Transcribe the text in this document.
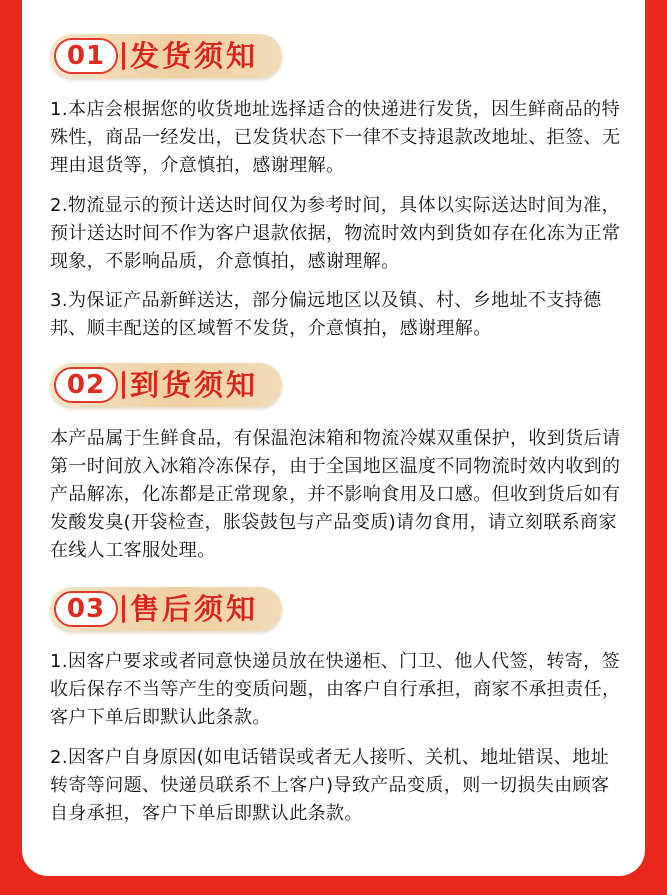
01 发货须知

1.本店会根据您的收货地址选择适合的快递进行发货，因生鲜商品的特殊性，商品一经发出，已发货状态下一律不支持退款改地址、拒签、无理由退货等，介意慎拍，感谢理解。

2.物流显示的预计送达时间仅为参考时间，具体以实际送达时间为准，预计送达时间不作为客户退款依据，物流时效内到货如存在化冻为正常现象，不影响品质，介意慎拍，感谢理解。

3.为保证产品新鲜送达，部分偏远地区以及镇、村、乡地址不支持德邦、顺丰配送的区域暂不发货，介意慎拍，感谢理解。

02 到货须知

本产品属于生鲜食品，有保温泡沫箱和物流冷媒双重保护，收到货后请第一时间放入冰箱冷冻保存，由于全国地区温度不同物流时效内收到的产品解冻，化冻都是正常现象，并不影响食用及口感。但收到货后如有发酸发臭(开袋检查，胀袋鼓包与产品变质)请勿食用，请立刻联系商家在线人工客服处理。

03 售后须知

1.因客户要求或者同意快递员放在快递柜、门卫、他人代签，转寄，签收后保存不当等产生的变质问题，由客户自行承担，商家不承担责任，客户下单后即默认此条款。

2.因客户自身原因(如电话错误或者无人接听、关机、地址错误、地址转寄等问题、快递员联系不上客户)导致产品变质，则一切损失由顾客自身承担，客户下单后即默认此条款。
